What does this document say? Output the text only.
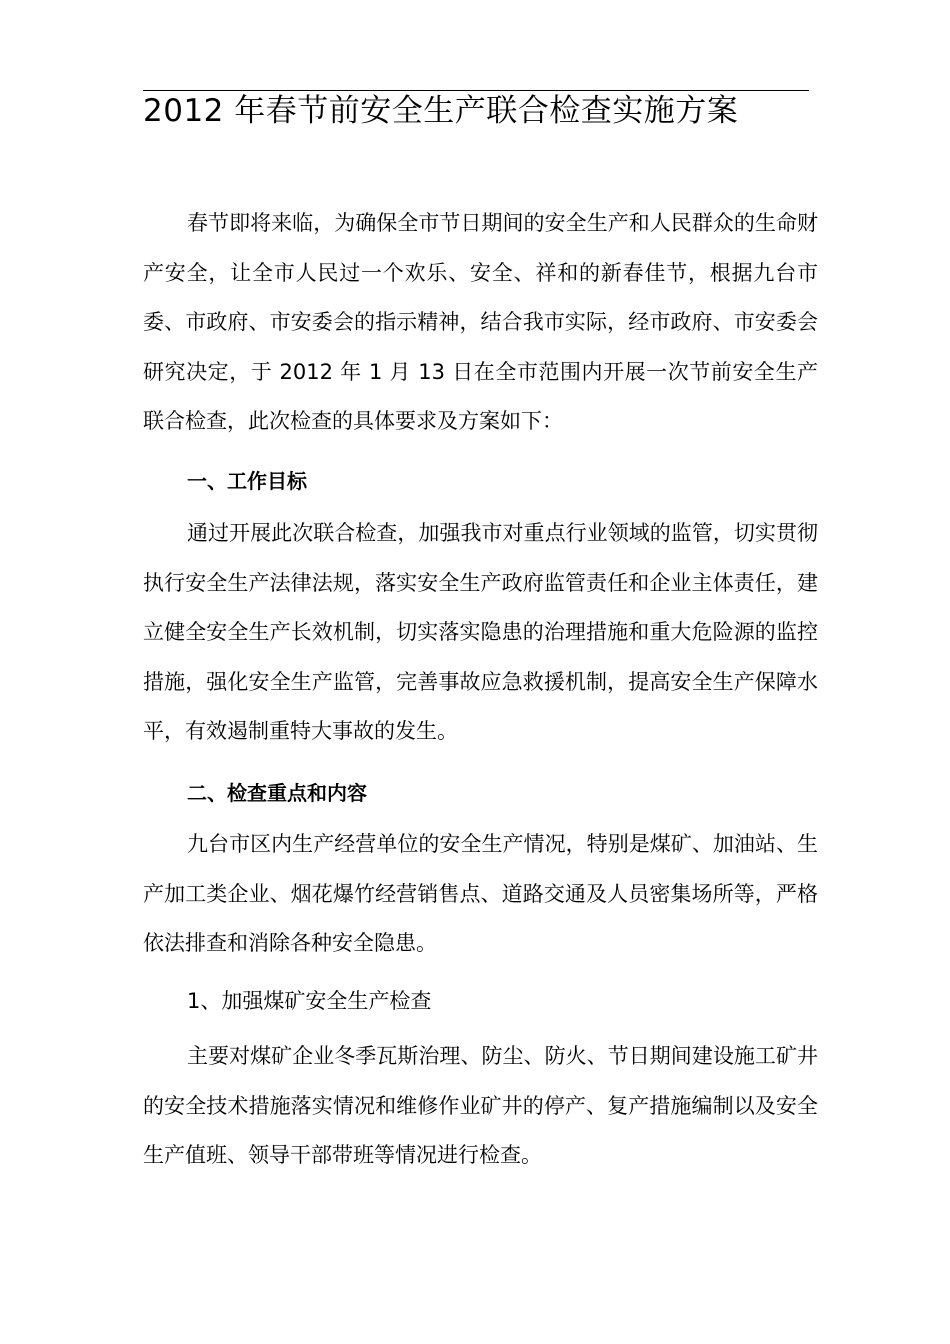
2012 年春节前安全生产联合检查实施方案

春节即将来临，为确保全市节日期间的安全生产和人民群众的生命财产安全，让全市人民过一个欢乐、安全、祥和的新春佳节，根据九台市委、市政府、市安委会的指示精神，结合我市实际，经市政府、市安委会研究决定，于 2012 年 1 月 13 日在全市范围内开展一次节前安全生产联合检查，此次检查的具体要求及方案如下：

一、工作目标

通过开展此次联合检查，加强我市对重点行业领域的监管，切实贯彻执行安全生产法律法规，落实安全生产政府监管责任和企业主体责任，建立健全安全生产长效机制，切实落实隐患的治理措施和重大危险源的监控措施，强化安全生产监管，完善事故应急救援机制，提高安全生产保障水平，有效遏制重特大事故的发生。

二、检查重点和内容

九台市区内生产经营单位的安全生产情况，特别是煤矿、加油站、生产加工类企业、烟花爆竹经营销售点、道路交通及人员密集场所等，严格依法排查和消除各种安全隐患。

1、加强煤矿安全生产检查

主要对煤矿企业冬季瓦斯治理、防尘、防火、节日期间建设施工矿井的安全技术措施落实情况和维修作业矿井的停产、复产措施编制以及安全生产值班、领导干部带班等情况进行检查。
